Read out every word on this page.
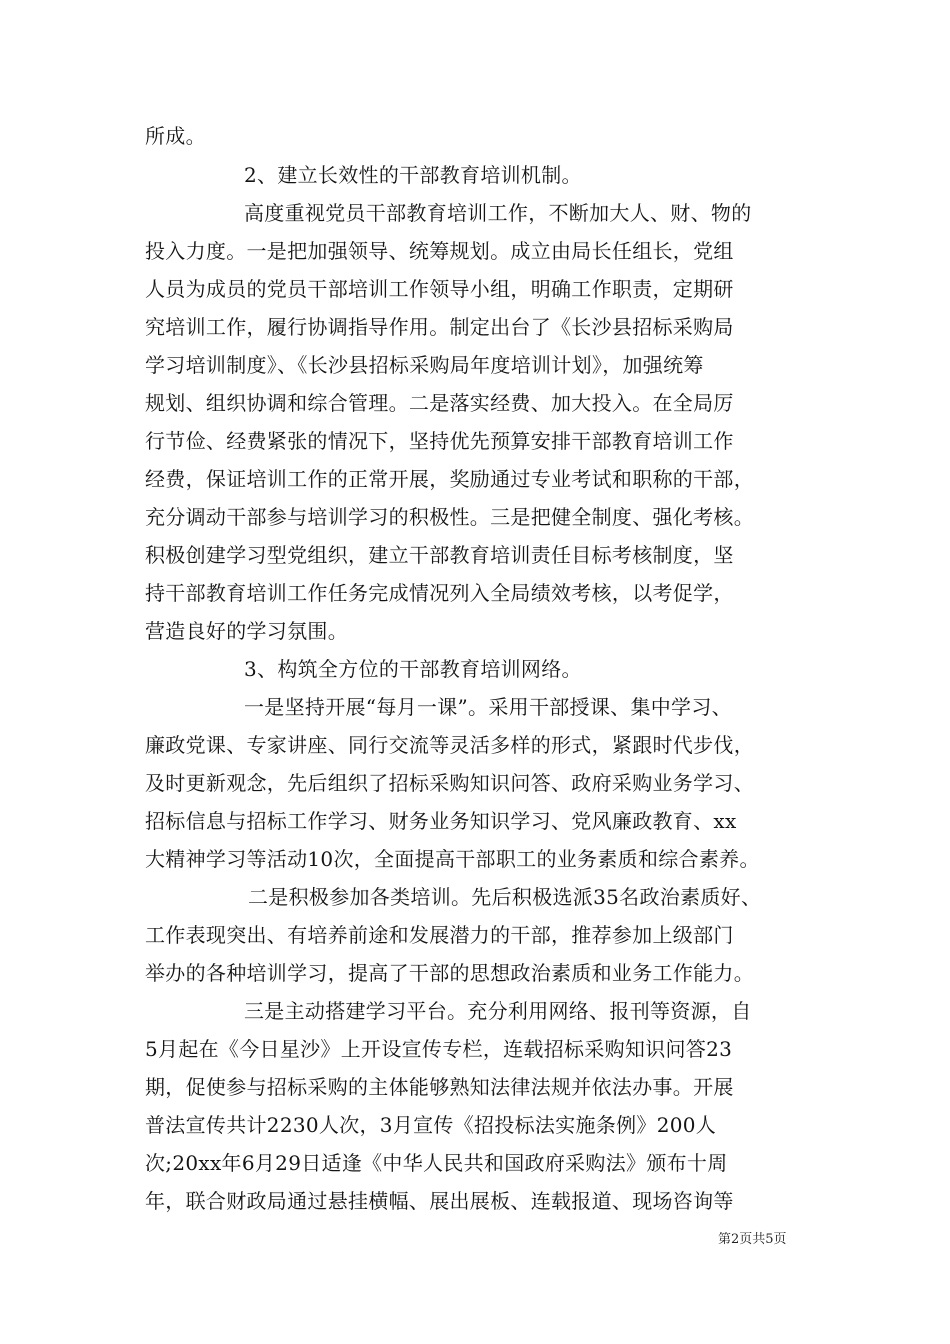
所成。
2、建立长效性的干部教育培训机制。
高度重视党员干部教育培训工作，不断加大人、财、物的
投入力度。一是把加强领导、统筹规划。成立由局长任组长，党组
人员为成员的党员干部培训工作领导小组，明确工作职责，定期研
究培训工作，履行协调指导作用。制定出台了《长沙县招标采购局
学习培训制度》、《长沙县招标采购局年度培训计划》，加强统筹
规划、组织协调和综合管理。二是落实经费、加大投入。在全局厉
行节俭、经费紧张的情况下，坚持优先预算安排干部教育培训工作
经费，保证培训工作的正常开展，奖励通过专业考试和职称的干部，
充分调动干部参与培训学习的积极性。三是把健全制度、强化考核。
积极创建学习型党组织，建立干部教育培训责任目标考核制度，坚
持干部教育培训工作任务完成情况列入全局绩效考核，以考促学，
营造良好的学习氛围。
3、构筑全方位的干部教育培训网络。
一是坚持开展“每月一课”。采用干部授课、集中学习、
廉政党课、专家讲座、同行交流等灵活多样的形式，紧跟时代步伐，
及时更新观念，先后组织了招标采购知识问答、政府采购业务学习、
招标信息与招标工作学习、财务业务知识学习、党风廉政教育、xx
大精神学习等活动10次，全面提高干部职工的业务素质和综合素养。
二是积极参加各类培训。先后积极选派35名政治素质好、
工作表现突出、有培养前途和发展潜力的干部，推荐参加上级部门
举办的各种培训学习，提高了干部的思想政治素质和业务工作能力。
三是主动搭建学习平台。充分利用网络、报刊等资源，自
5月起在《今日星沙》上开设宣传专栏，连载招标采购知识问答23
期，促使参与招标采购的主体能够熟知法律法规并依法办事。开展
普法宣传共计2230人次，3月宣传《招投标法实施条例》200人
次;20xx年6月29日适逢《中华人民共和国政府采购法》颁布十周
年，联合财政局通过悬挂横幅、展出展板、连载报道、现场咨询等
第2页共5页
